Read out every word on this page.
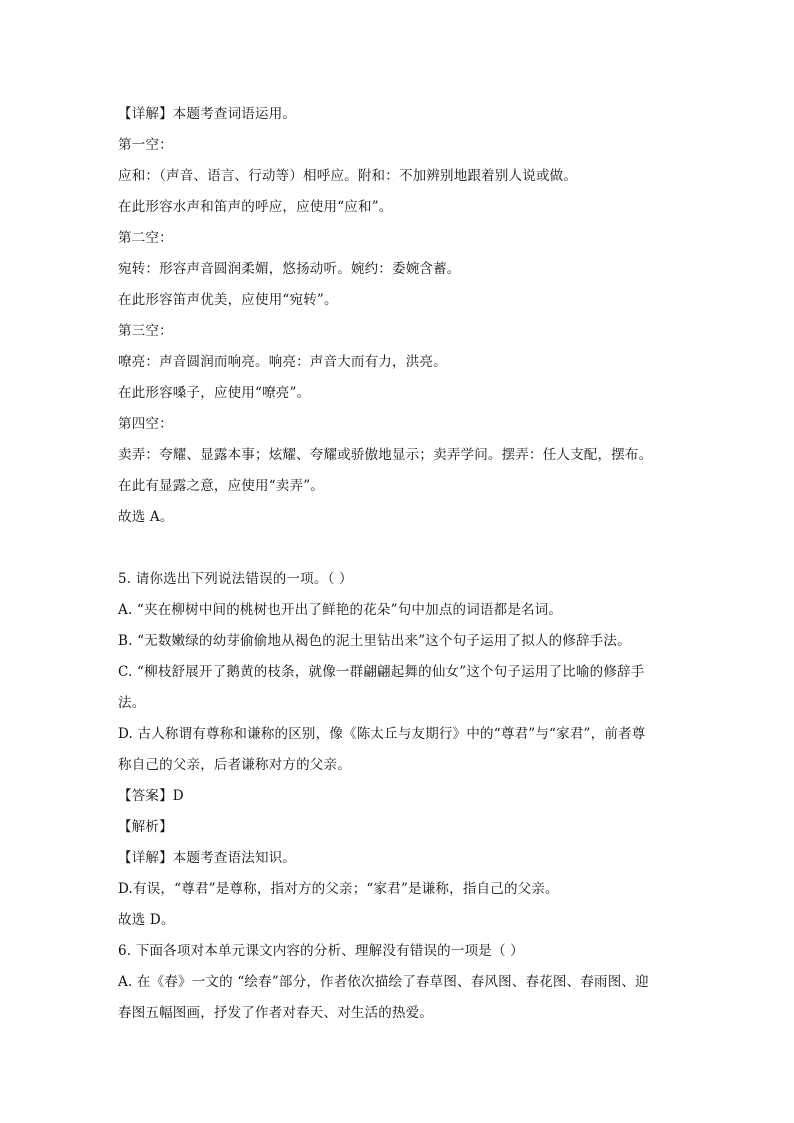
【详解】本题考查词语运用。
第一空：
应和：（声音、语言、行动等）相呼应。附和：不加辨别地跟着别人说或做。
在此形容水声和笛声的呼应，应使用“应和”。
第二空：
宛转：形容声音圆润柔媚，悠扬动听。婉约：委婉含蓄。
在此形容笛声优美，应使用“宛转”。
第三空：
嘹亮：声音圆润而响亮。响亮：声音大而有力，洪亮。
在此形容嗓子，应使用“嘹亮”。
第四空：
卖弄：夸耀、显露本事；炫耀、夸耀或骄傲地显示；卖弄学问。摆弄：任人支配，摆布。
在此有显露之意，应使用“卖弄”。
故选 A。
5. 请你选出下列说法错误的一项。（ ）
A. “夹在柳树中间的桃树也开出了鲜艳的花朵”句中加点的词语都是名词。
B. “无数嫩绿的幼芽偷偷地从褐色的泥土里钻出来”这个句子运用了拟人的修辞手法。
C. “柳枝舒展开了鹅黄的枝条，就像一群翩翩起舞的仙女”这个句子运用了比喻的修辞手
法。
D. 古人称谓有尊称和谦称的区别，像《陈太丘与友期行》中的“尊君”与“家君”，前者尊
称自己的父亲，后者谦称对方的父亲。
【答案】D
【解析】
【详解】本题考查语法知识。
D.有误，“尊君”是尊称，指对方的父亲；“家君”是谦称，指自己的父亲。
故选 D。
6. 下面各项对本单元课文内容的分析、理解没有错误的一项是（ ）
A. 在《春》一文的 “绘春”部分，作者依次描绘了春草图、春风图、春花图、春雨图、迎
春图五幅图画，抒发了作者对春天、对生活的热爱。
